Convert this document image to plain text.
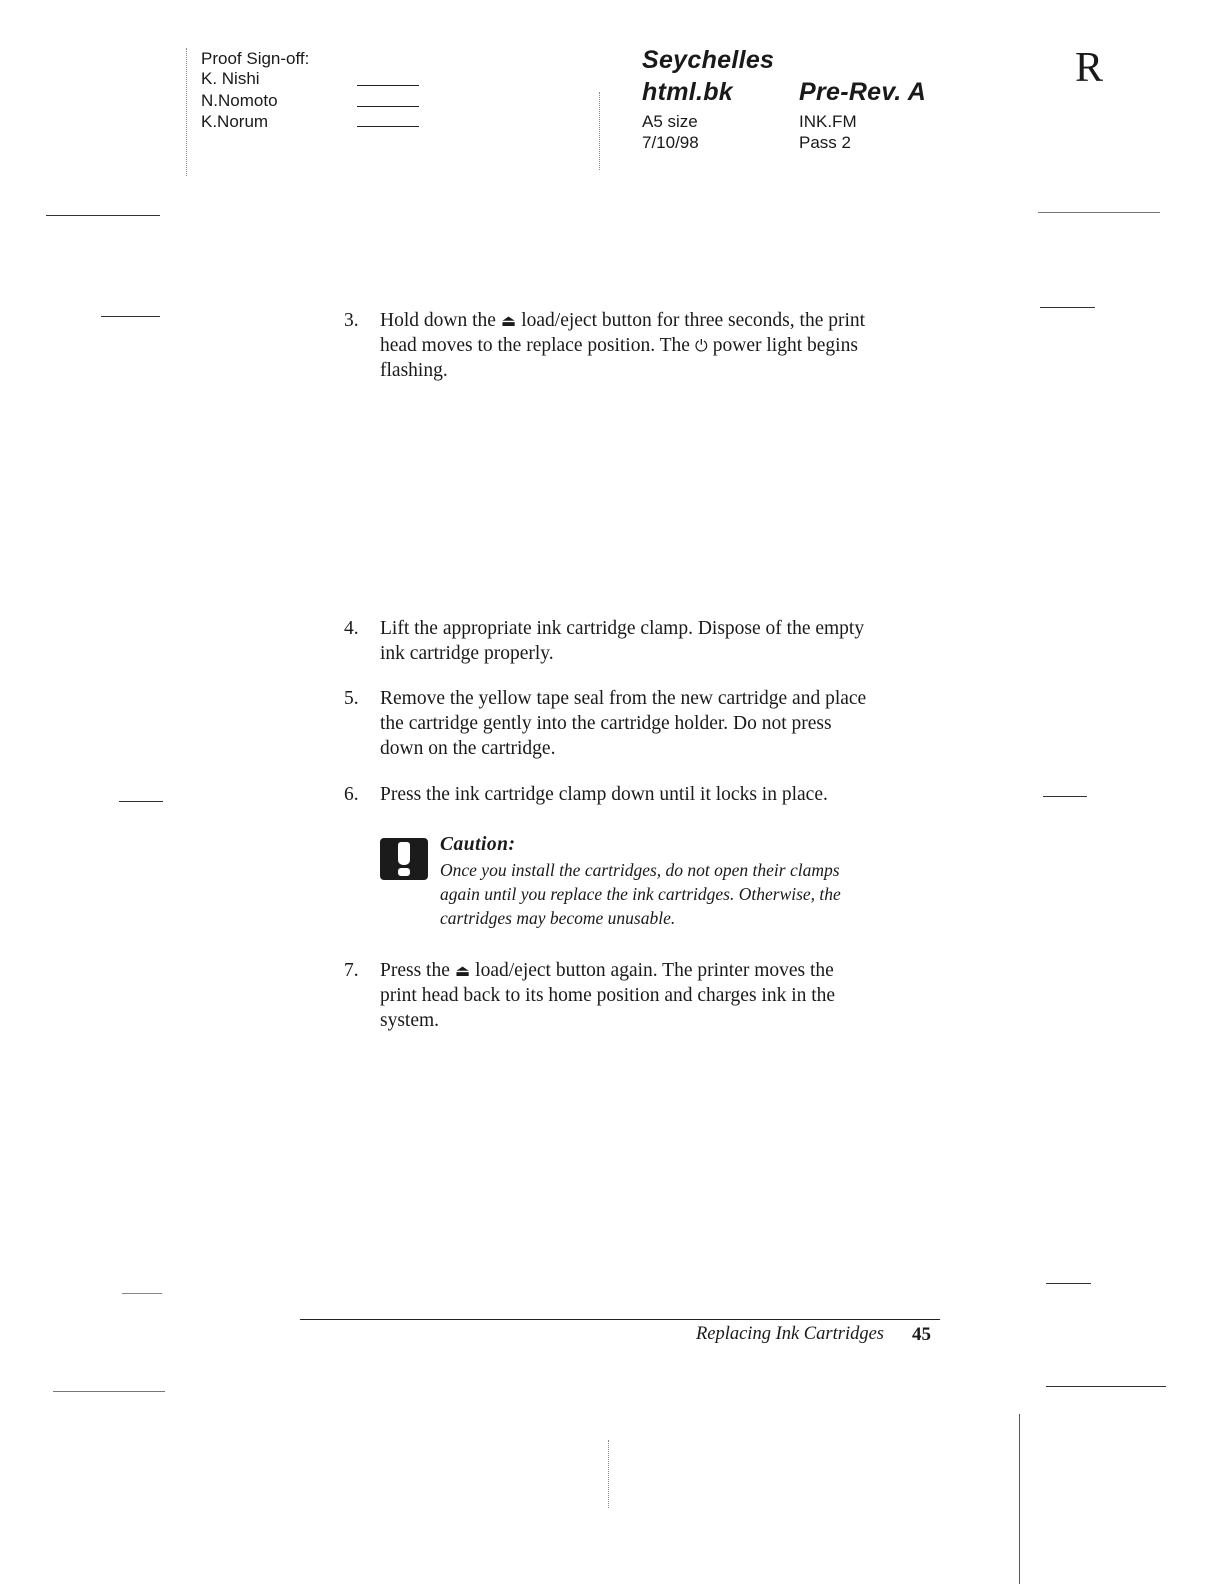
Proof Sign-off:
K. Nishi
N.Nomoto
K.Norum
Seychelles
html.bk	Pre-Rev. A
A5 size	INK.FM
7/10/98	Pass 2
R
3.	Hold down the ⏏ load/eject button for three seconds, the print
head moves to the replace position. The ⏻ power light begins
flashing.
4.	Lift the appropriate ink cartridge clamp. Dispose of the empty
ink cartridge properly.
5.	Remove the yellow tape seal from the new cartridge and place
the cartridge gently into the cartridge holder. Do not press
down on the cartridge.
6.	Press the ink cartridge clamp down until it locks in place.
Caution:
Once you install the cartridges, do not open their clamps
again until you replace the ink cartridges. Otherwise, the
cartridges may become unusable.
7.	Press the ⏏ load/eject button again. The printer moves the
print head back to its home position and charges ink in the
system.
Replacing Ink Cartridges 45
